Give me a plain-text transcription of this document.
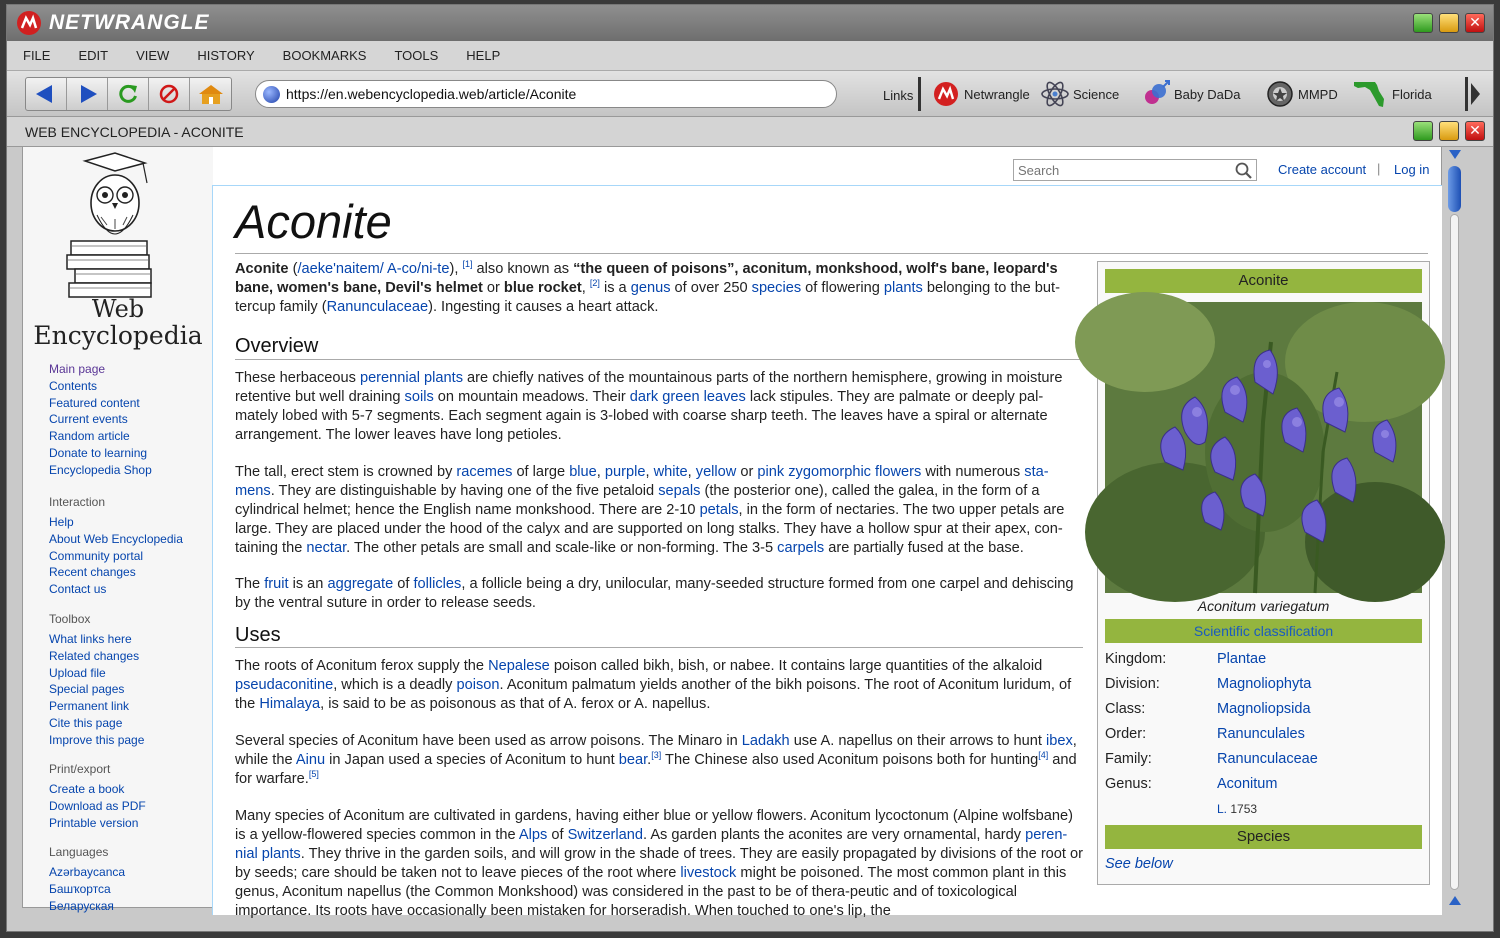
NETWRANGLE	✕
FILE EDIT VIEW HISTORY BOOKMARKS TOOLS HELP
https://en.webencyclopedia.web/article/Aconite
Links	Netwrangle	Science	Baby DaDa	MMPD	Florida
WEB ENCYCLOPEDIA - ACONITE	✕
Web
Encyclopedia
Main page
Contents
Featured content
Current events
Random article
Donate to learning
Encyclopedia Shop
Interaction
Help
About Web Encyclopedia
Community portal
Recent changes
Contact us
Toolbox
What links here
Related changes
Upload file
Special pages
Permanent link
Cite this page
Improve this page
Print/export
Create a book
Download as PDF
Printable version
Languages
Azərbaycanca
Башҡортса
Беларуская
Search
Create account | Log in
Aconite
Aconite (/aeke'naitem/ A-co/ni-te), [1] also known as “the queen of poisons”, aconitum, monkshood, wolf's bane, leopard's bane, women's bane, Devil's helmet or blue rocket, [2] is a genus of over 250 species of flowering plants belonging to the but-tercup family (Ranunculaceae). Ingesting it causes a heart attack.
Overview
These herbaceous perennial plants are chiefly natives of the mountainous parts of the northern hemisphere, growing in moisture retentive but well draining soils on mountain meadows. Their dark green leaves lack stipules. They are palmate or deeply pal-mately lobed with 5-7 segments. Each segment again is 3-lobed with coarse sharp teeth. The leaves have a spiral or alternate arrangement. The lower leaves have long petioles.
The tall, erect stem is crowned by racemes of large blue, purple, white, yellow or pink zygomorphic flowers with numerous sta-mens. They are distinguishable by having one of the five petaloid sepals (the posterior one), called the galea, in the form of a cylindrical helmet; hence the English name monkshood. There are 2-10 petals, in the form of nectaries. The two upper petals are large. They are placed under the hood of the calyx and are supported on long stalks. They have a hollow spur at their apex, con-taining the nectar. The other petals are small and scale-like or non-forming. The 3-5 carpels are partially fused at the base.
The fruit is an aggregate of follicles, a follicle being a dry, unilocular, many-seeded structure formed from one carpel and dehiscing by the ventral suture in order to release seeds.
Uses
The roots of Aconitum ferox supply the Nepalese poison called bikh, bish, or nabee. It contains large quantities of the alkaloid pseudaconitine, which is a deadly poison. Aconitum palmatum yields another of the bikh poisons. The root of Aconitum luridum, of the Himalaya, is said to be as poisonous as that of A. ferox or A. napellus.
Several species of Aconitum have been used as arrow poisons. The Minaro in Ladakh use A. napellus on their arrows to hunt ibex, while the Ainu in Japan used a species of Aconitum to hunt bear.[3] The Chinese also used Aconitum poisons both for hunting[4] and for warfare.[5]
Many species of Aconitum are cultivated in gardens, having either blue or yellow flowers. Aconitum lycoctonum (Alpine wolfsbane) is a yellow-flowered species common in the Alps of Switzerland. As garden plants the aconites are very ornamental, hardy peren-nial plants. They thrive in the garden soils, and will grow in the shade of trees. They are easily propagated by divisions of the root or by seeds; care should be taken not to leave pieces of the root where livestock might be poisoned. The most common plant in this genus, Aconitum napellus (the Common Monkshood) was considered in the past to be of thera-peutic and of toxicological importance. Its roots have occasionally been mistaken for horseradish. When touched to one's lip, the
Aconite
Aconitum variegatum
Scientific classification
Kingdom:	Plantae
Division:	Magnoliophyta
Class:	Magnoliopsida
Order:	Ranunculales
Family:	Ranunculaceae
Genus:	Aconitum
L. 1753
Species
See below
